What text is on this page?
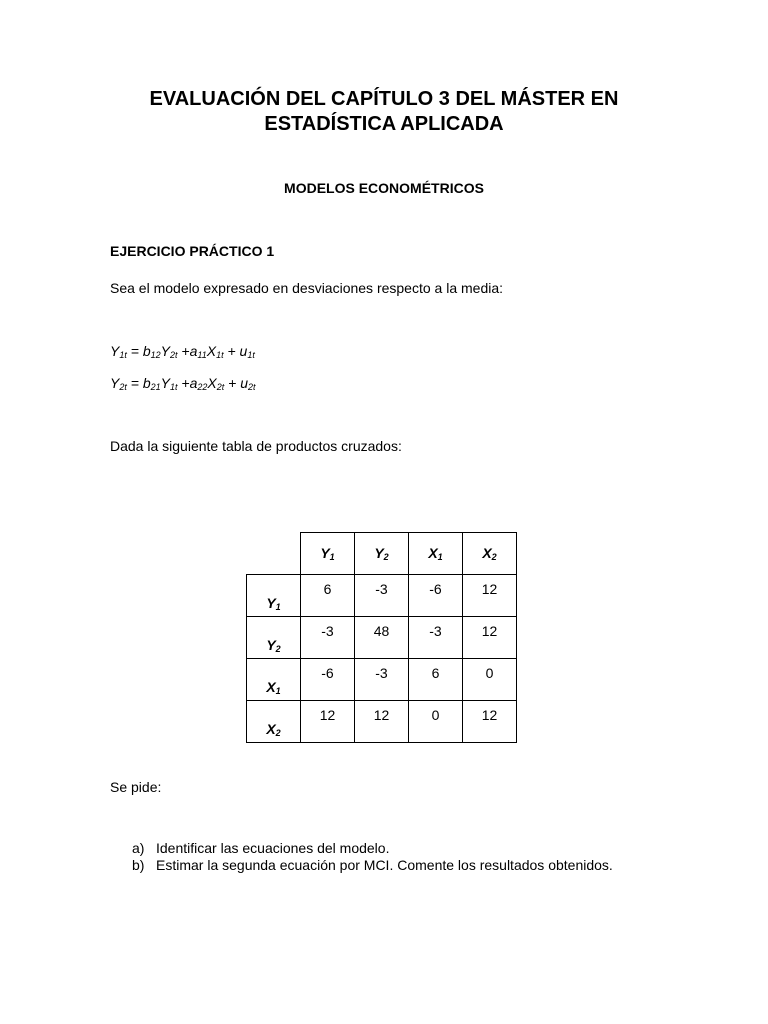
EVALUACIÓN DEL CAPÍTULO 3 DEL MÁSTER EN
ESTADÍSTICA APLICADA
MODELOS ECONOMÉTRICOS
EJERCICIO PRÁCTICO 1
Sea el modelo expresado en desviaciones respecto a la media:
$Y_{1t} = b_{12}Y_{2t} +a_{11}X_{1t} + u_{1t}$
$Y_{2t} = b_{21}Y_{1t} +a_{22}X_{2t} + u_{2t}$
Dada la siguiente tabla de productos cruzados:
	$Y_1$	$Y_2$	$X_1$	$X_2$
$Y_1$	6	-3	-6	12
$Y_2$	-3	48	-3	12
$X_1$	-6	-3	6	0
$X_2$	12	12	0	12
Se pide:
a) Identificar las ecuaciones del modelo.
b) Estimar la segunda ecuación por MCI. Comente los resultados obtenidos.
